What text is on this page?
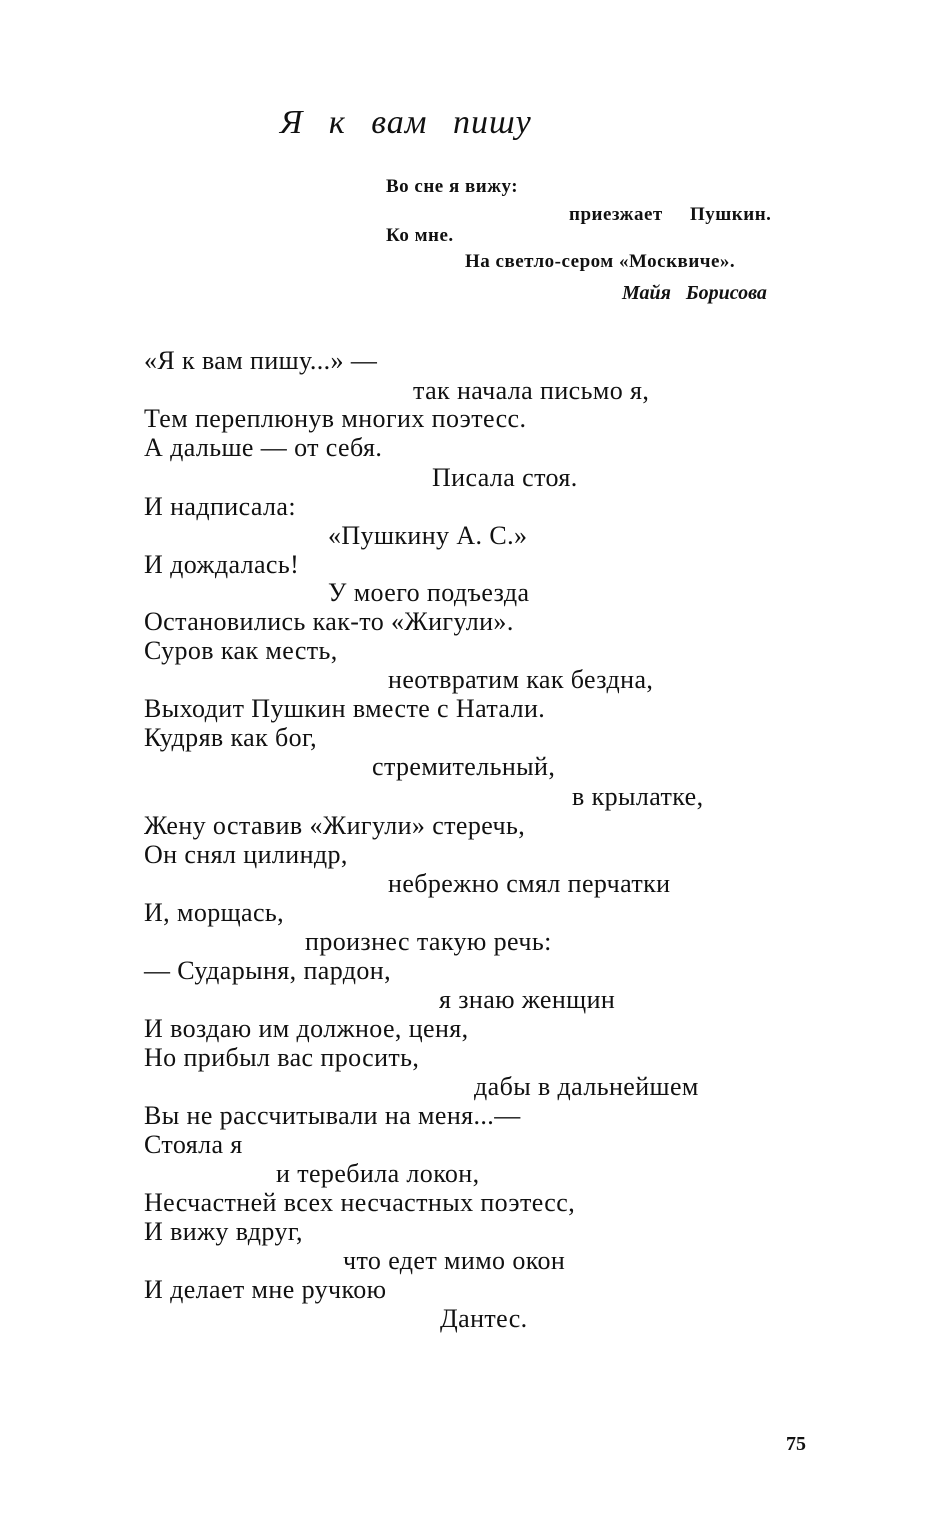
Я к вам пишу
Во сне я вижу:
приезжает Пушкин.
Ко мне.
На светло-сером «Москвиче».
Майя Борисова
«Я к вам пишу...» —
так начала письмо я,
Тем переплюнув многих поэтесс.
А дальше — от себя.
Писала стоя.
И надписала:
«Пушкину А. С.»
И дождалась!
У моего подъезда
Остановились как-то «Жигули».
Суров как месть,
неотвратим как бездна,
Выходит Пушкин вместе с Натали.
Кудряв как бог,
стремительный,
в крылатке,
Жену оставив «Жигули» стеречь,
Он снял цилиндр,
небрежно смял перчатки
И, морщась,
произнес такую речь:
— Сударыня, пардон,
я знаю женщин
И воздаю им должное, ценя,
Но прибыл вас просить,
дабы в дальнейшем
Вы не рассчитывали на меня...—
Стояла я
и теребила локон,
Несчастней всех несчастных поэтесс,
И вижу вдруг,
что едет мимо окон
И делает мне ручкою
Дантес.
75
